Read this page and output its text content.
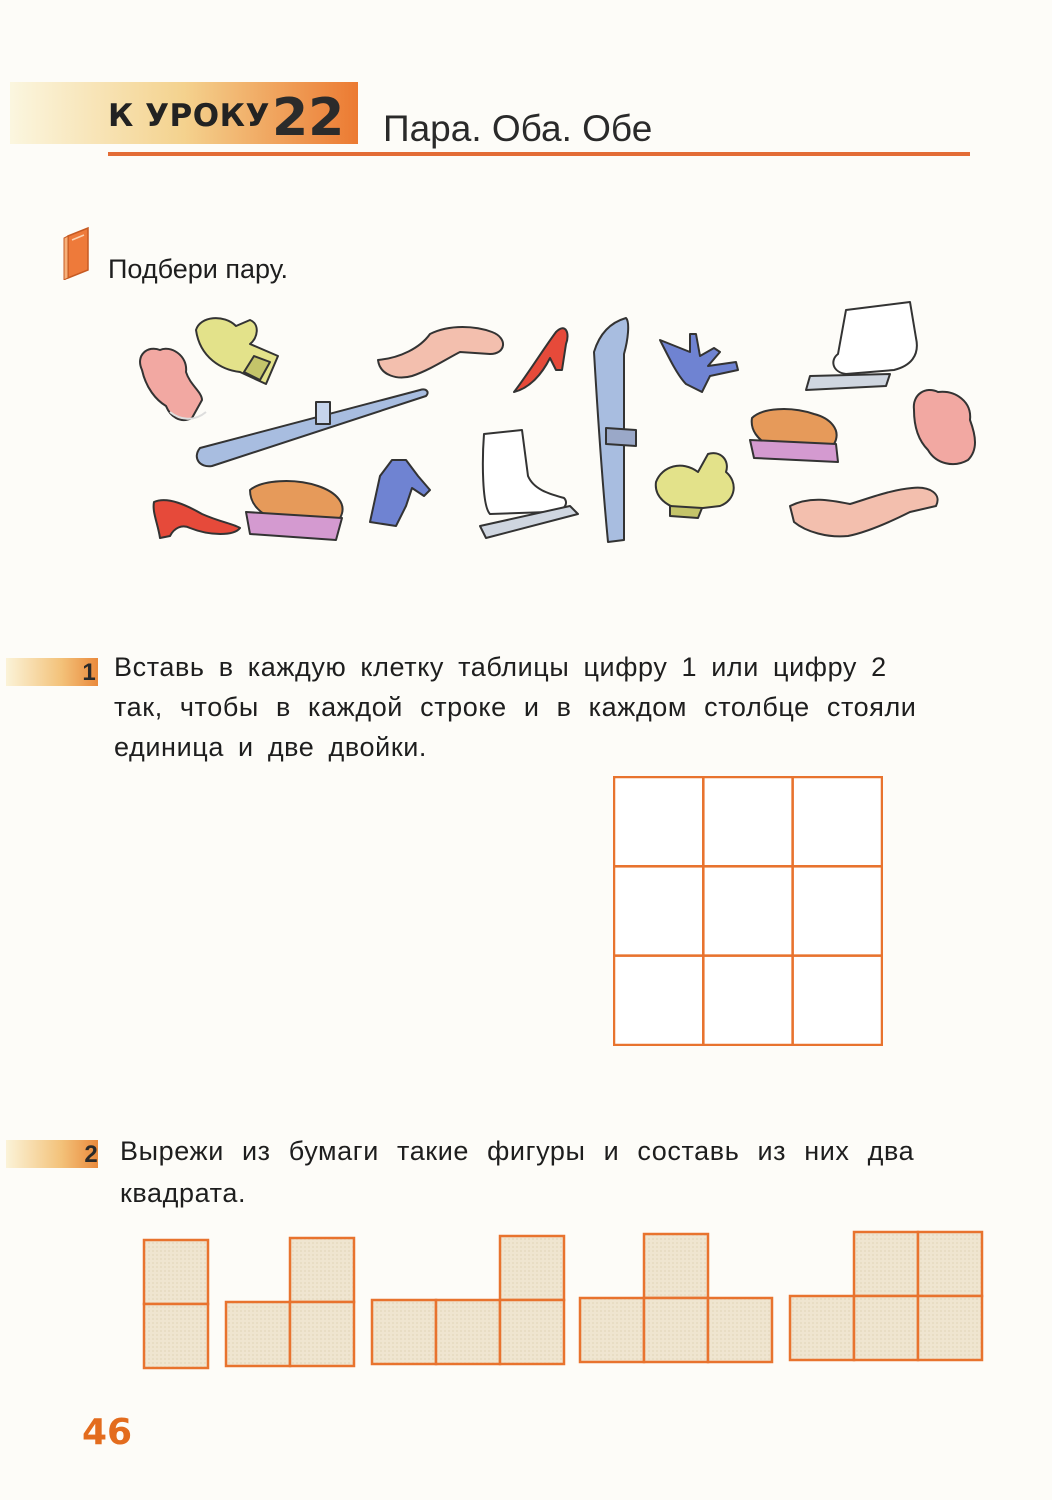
К УРОКУ 22 Пара. Оба. Обе
Подбери пару.
1 Вставь в каждую клетку таблицы цифру 1 или цифру 2
так, чтобы в каждой строке и в каждом столбце стояли
единица и две двойки.
2 Вырежи из бумаги такие фигуры и составь из них два
квадрата.
46
